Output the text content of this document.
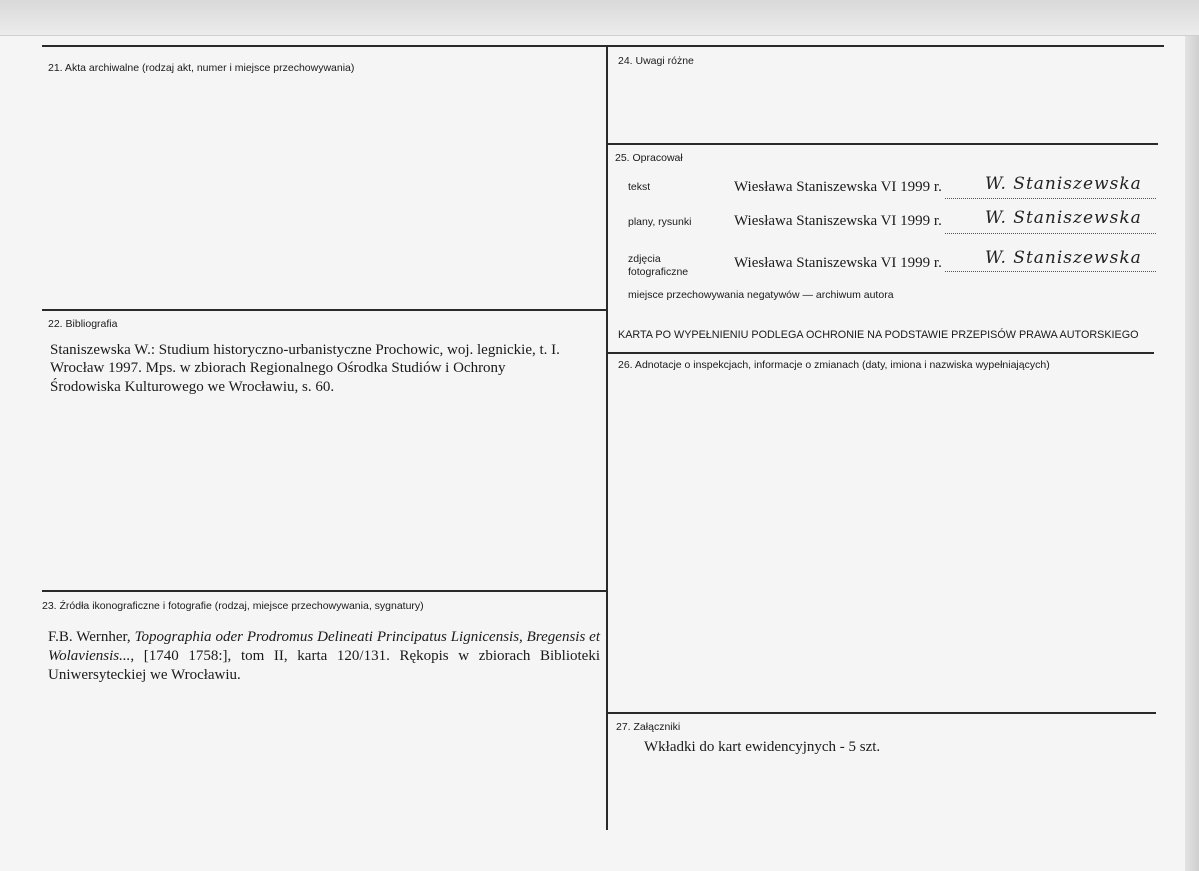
21. Akta archiwalne (rodzaj akt, numer i miejsce przechowywania)
22. Bibliografia
Staniszewska W.: Studium historyczno-urbanistyczne Prochowic, woj. legnickie, t. I.
Wrocław 1997. Mps. w zbiorach Regionalnego Ośrodka Studiów i Ochrony
Środowiska Kulturowego we Wrocławiu, s. 60.
23. Źródła ikonograficzne i fotografie (rodzaj, miejsce przechowywania, sygnatury)
F.B. Wernher, Topographia oder Prodromus Delineati Principatus Lignicensis, Bregensis et Wolaviensis..., [1740 1758:], tom II, karta 120/131. Rękopis w zbiorach Biblioteki Uniwersyteckiej we Wrocławiu.
24. Uwagi różne
25. Opracował
tekst	Wiesława Staniszewska VI 1999 r.	W. Staniszewska
plany, rysunki	Wiesława Staniszewska VI 1999 r.	W. Staniszewska
zdjęcia
fotograficzne
Wiesława Staniszewska VI 1999 r.	W. Staniszewska
miejsce przechowywania negatywów — archiwum autora
KARTA PO WYPEŁNIENIU PODLEGA OCHRONIE NA PODSTAWIE PRZEPISÓW PRAWA AUTORSKIEGO
26. Adnotacje o inspekcjach, informacje o zmianach (daty, imiona i nazwiska wypełniających)
27. Załączniki
Wkładki do kart ewidencyjnych - 5 szt.
